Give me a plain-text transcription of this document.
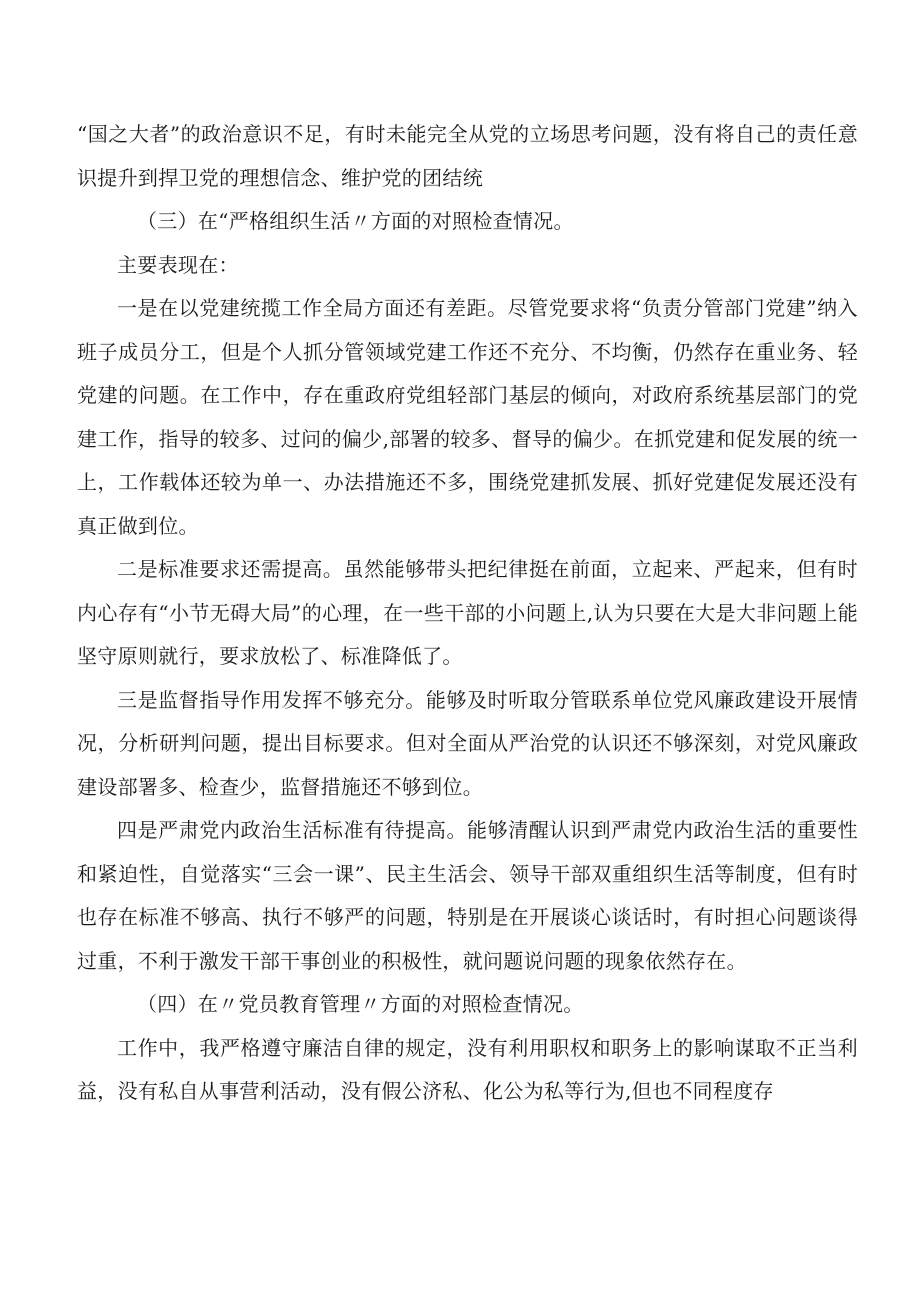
“国之大者”的政治意识不足，有时未能完全从党的立场思考问题，没有将自己的责任意识提升到捍卫党的理想信念、维护党的团结统

（三）在“严格组织生活〃方面的对照检查情况。

主要表现在：

一是在以党建统揽工作全局方面还有差距。尽管党要求将“负责分管部门党建”纳入班子成员分工，但是个人抓分管领域党建工作还不充分、不均衡，仍然存在重业务、轻党建的问题。在工作中，存在重政府党组轻部门基层的倾向，对政府系统基层部门的党建工作，指导的较多、过问的偏少,部署的较多、督导的偏少。在抓党建和促发展的统一上，工作载体还较为单一、办法措施还不多，围绕党建抓发展、抓好党建促发展还没有真正做到位。

二是标准要求还需提高。虽然能够带头把纪律挺在前面，立起来、严起来，但有时内心存有“小节无碍大局”的心理，在一些干部的小问题上,认为只要在大是大非问题上能坚守原则就行，要求放松了、标准降低了。

三是监督指导作用发挥不够充分。能够及时听取分管联系单位党风廉政建设开展情况，分析研判问题，提出目标要求。但对全面从严治党的认识还不够深刻，对党风廉政建设部署多、检查少，监督措施还不够到位。

四是严肃党内政治生活标准有待提高。能够清醒认识到严肃党内政治生活的重要性和紧迫性，自觉落实“三会一课”、民主生活会、领导干部双重组织生活等制度，但有时也存在标准不够高、执行不够严的问题，特别是在开展谈心谈话时，有时担心问题谈得过重，不利于激发干部干事创业的积极性，就问题说问题的现象依然存在。

（四）在〃党员教育管理〃方面的对照检查情况。

工作中，我严格遵守廉洁自律的规定，没有利用职权和职务上的影响谋取不正当利益，没有私自从事营利活动，没有假公济私、化公为私等行为,但也不同程度存
